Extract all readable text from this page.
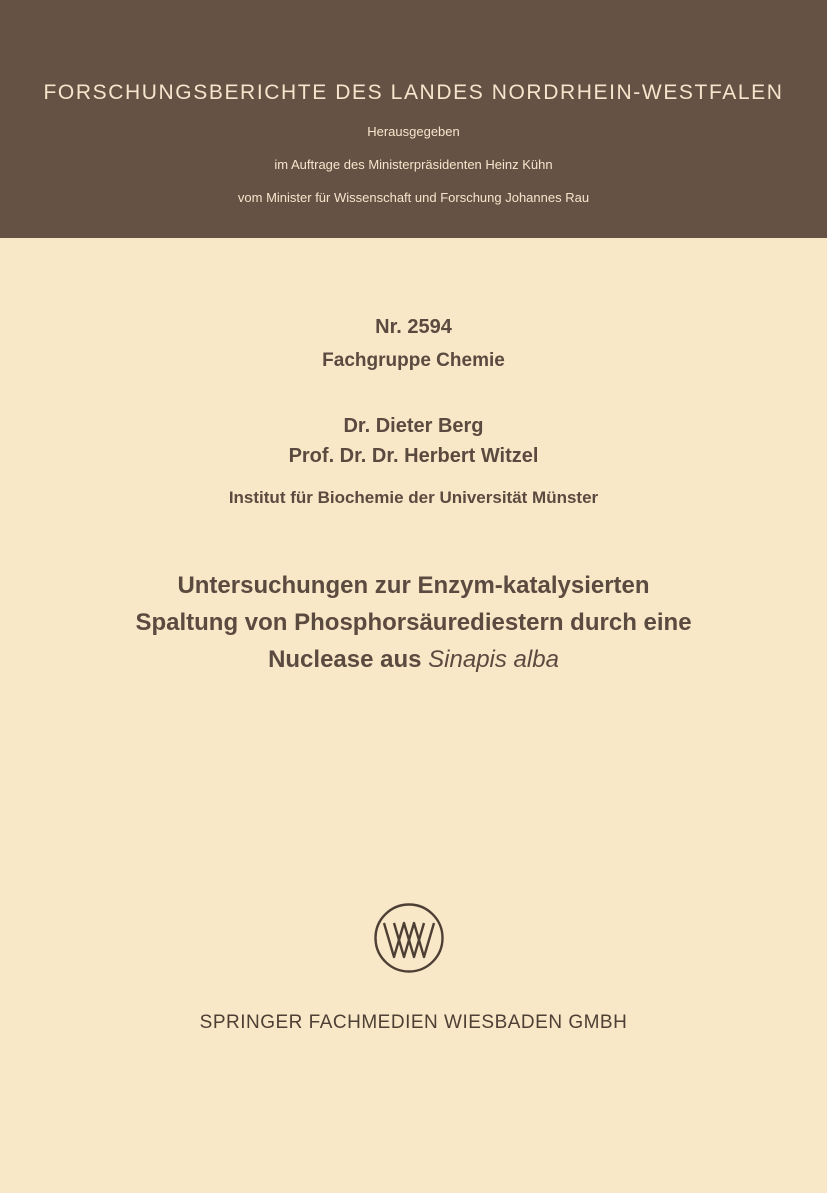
FORSCHUNGSBERICHTE DES LANDES NORDRHEIN-WESTFALEN
Herausgegeben
im Auftrage des Ministerpräsidenten Heinz Kühn
vom Minister für Wissenschaft und Forschung Johannes Rau
Nr. 2594
Fachgruppe Chemie
Dr. Dieter Berg
Prof. Dr. Dr. Herbert Witzel
Institut für Biochemie der Universität Münster
Untersuchungen zur Enzym-katalysierten
Spaltung von Phosphorsäurediestern durch eine
Nuclease aus Sinapis alba
SPRINGER FACHMEDIEN WIESBADEN GMBH
